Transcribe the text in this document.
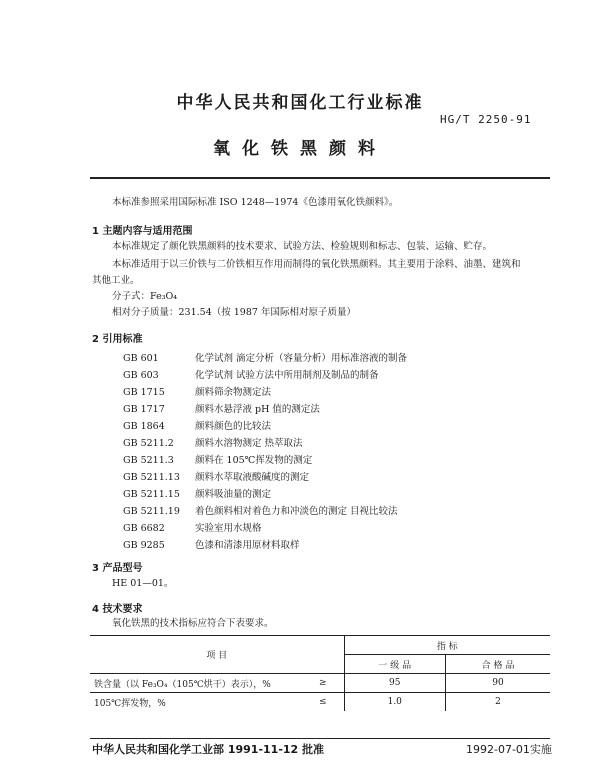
中华人民共和国化工行业标准
HG/T 2250-91
氧化铁黑颜料
本标准参照采用国际标准 ISO 1248—1974《色漆用氧化铁颜料》。
1 主题内容与适用范围
本标准规定了颜化铁黑颜料的技术要求、试验方法、检验规则和标志、包装、运输、贮存。
本标准适用于以三价铁与二价铁相互作用而制得的氧化铁黑颜料。其主要用于涂料、油墨、建筑和
其他工业。
分子式：Fe₃O₄
相对分子质量：231.54（按 1987 年国际相对原子质量）
2 引用标准
GB 601	化学试剂 滴定分析（容量分析）用标准溶液的制备
GB 603	化学试剂 试验方法中所用制剂及制品的制备
GB 1715	颜料筛余物测定法
GB 1717	颜料水悬浮液 pH 值的测定法
GB 1864	颜料颜色的比较法
GB 5211.2 颜料水溶物测定 热萃取法
GB 5211.3 颜料在 105℃挥发物的测定
GB 5211.13 颜料水萃取液酸碱度的测定
GB 5211.15 颜料吸油量的测定
GB 5211.19 着色颜料相对着色力和冲淡色的测定 目视比较法
GB 6682	实验室用水规格
GB 9285	色漆和清漆用原材料取样
3 产品型号
HE 01—01。
4 技术要求
氧化铁黑的技术指标应符合下表要求。
项 目		指 标	
		一 级 品	合 格 品
铁含量（以 Fe₃O₄（105℃烘干）表示），%	≥	95	90
105℃挥发物，%	≤	1.0	2
中华人民共和国化学工业部 1991-11-12 批准	1992-07-01实施
